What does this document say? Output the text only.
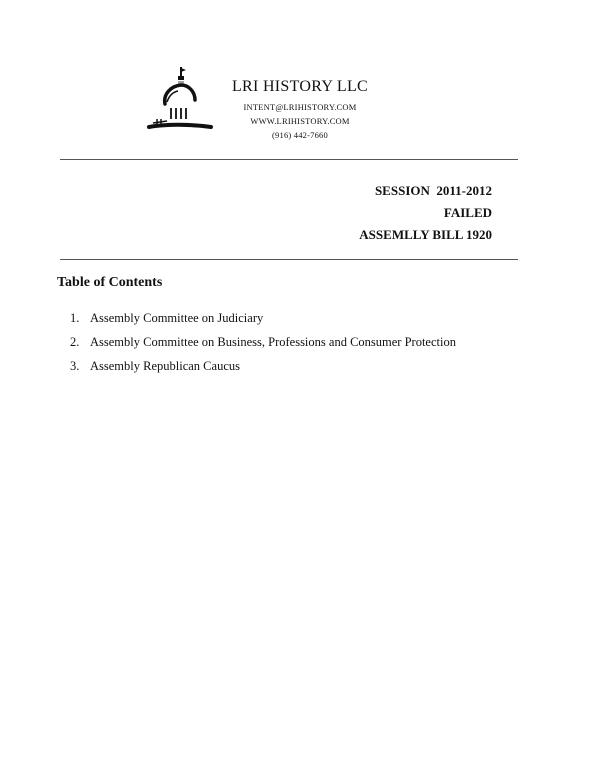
LRI HISTORY LLC
INTENT@LRIHISTORY.COM
WWW.LRIHISTORY.COM
(916) 442-7660
SESSION  2011-2012
FAILED
ASSEMLLY BILL 1920
Table of Contents
1. Assembly Committee on Judiciary
2. Assembly Committee on Business, Professions and Consumer Protection
3. Assembly Republican Caucus
